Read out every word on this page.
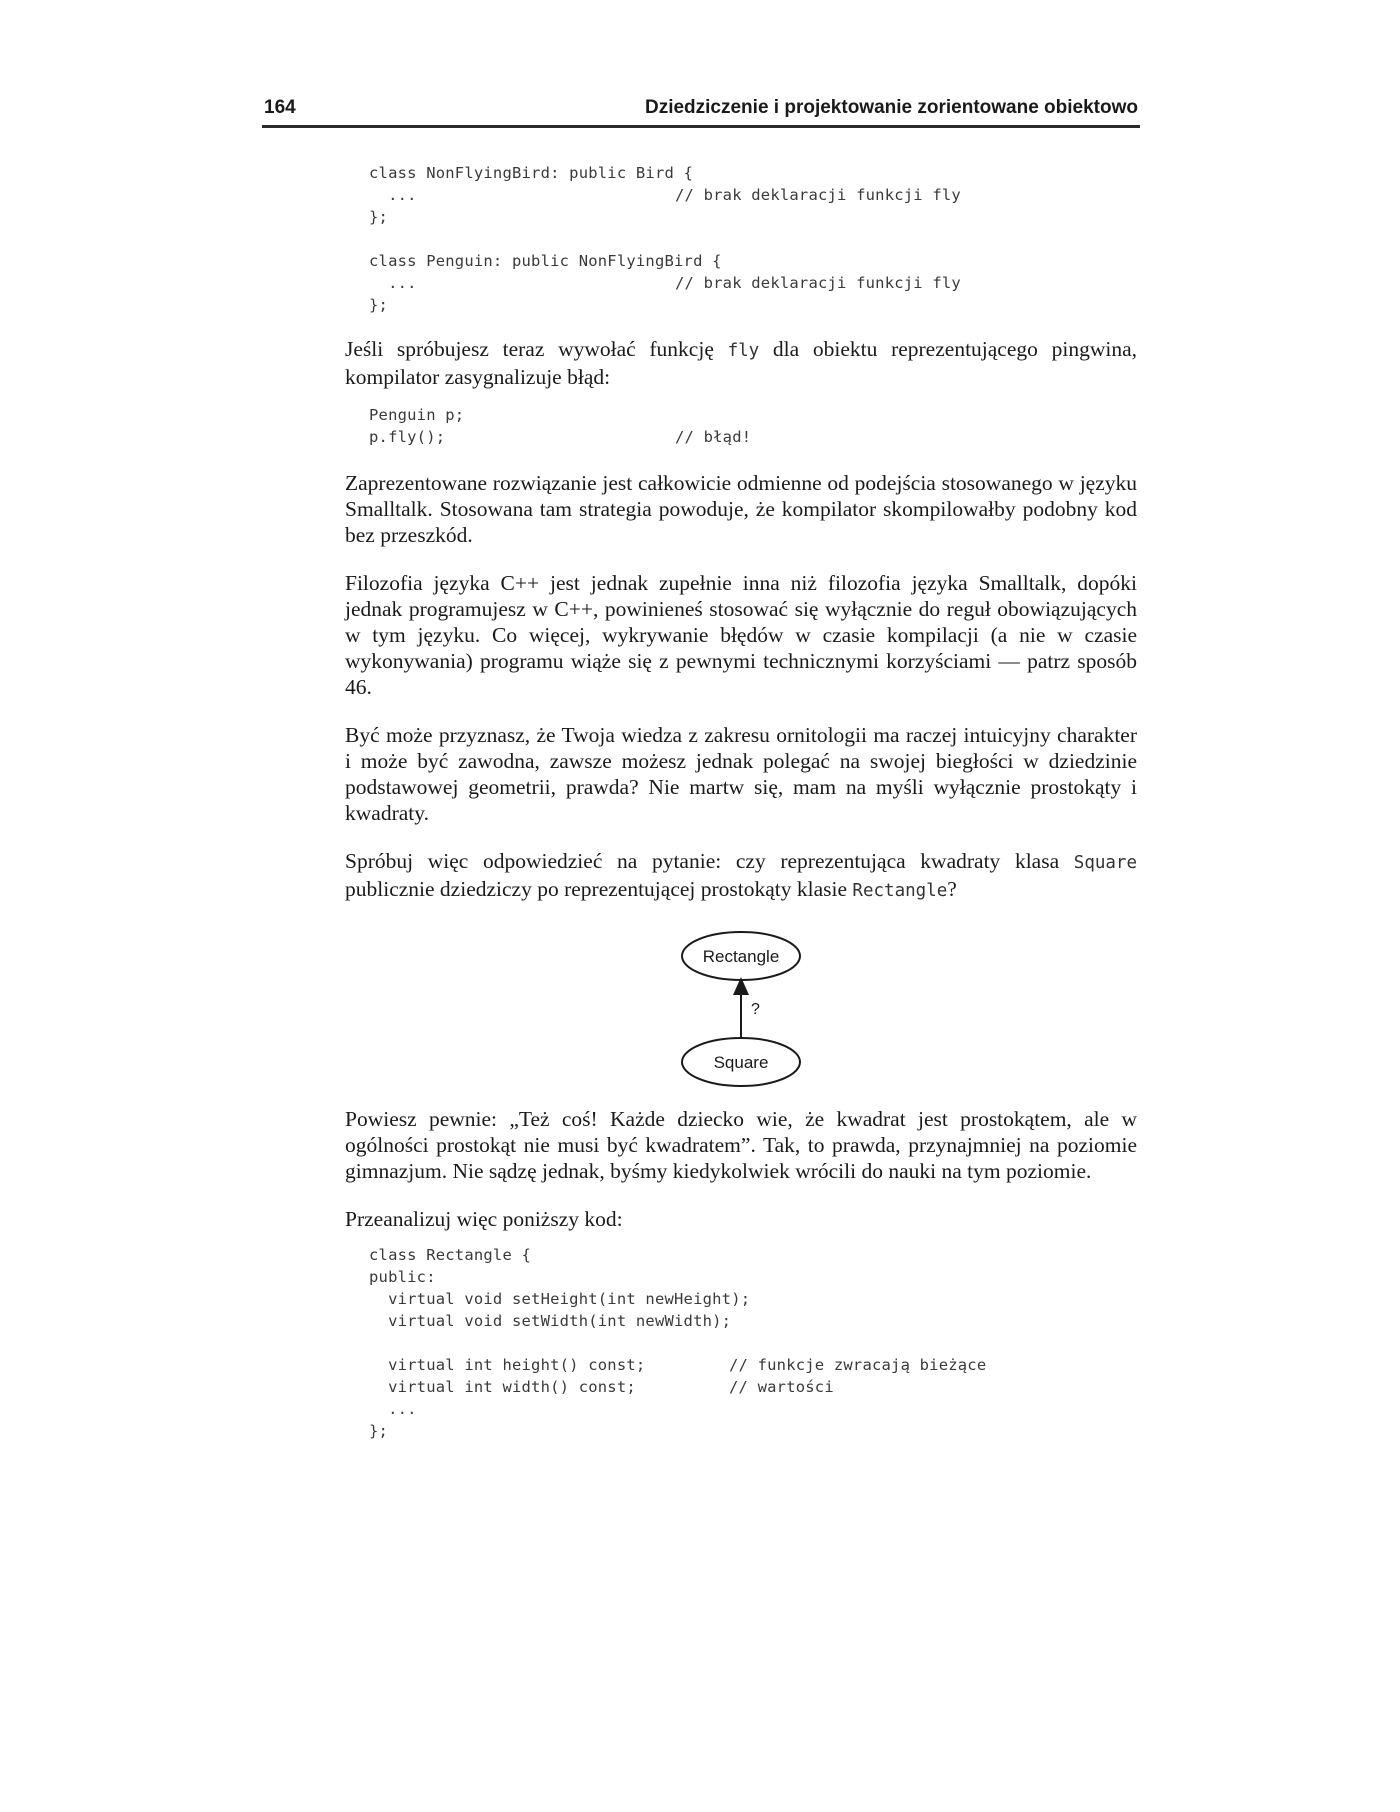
164	Dziedziczenie i projektowanie zorientowane obiektowo
class NonFlyingBird: public Bird {
...	// brak deklaracji funkcji fly
};
class Penguin: public NonFlyingBird {
...	// brak deklaracji funkcji fly
};

Jeśli spróbujesz teraz wywołać funkcję fly dla obiektu reprezentującego pingwina, kompilator zasygnalizuje błąd:

Penguin p;
p.fly();	// błąd!

Zaprezentowane rozwiązanie jest całkowicie odmienne od podejścia stosowanego w języku Smalltalk. Stosowana tam strategia powoduje, że kompilator skompilowałby podobny kod bez przeszkód.

Filozofia języka C++ jest jednak zupełnie inna niż filozofia języka Smalltalk, dopóki jednak programujesz w C++, powinieneś stosować się wyłącznie do reguł obowiązujących w tym języku. Co więcej, wykrywanie błędów w czasie kompilacji (a nie w czasie wykonywania) programu wiąże się z pewnymi technicznymi korzyściami — patrz sposób 46.

Być może przyznasz, że Twoja wiedza z zakresu ornitologii ma raczej intuicyjny charakter i może być zawodna, zawsze możesz jednak polegać na swojej biegłości w dziedzinie podstawowej geometrii, prawda? Nie martw się, mam na myśli wyłącznie prostokąty i kwadraty.

Spróbuj więc odpowiedzieć na pytanie: czy reprezentująca kwadraty klasa Square publicznie dziedziczy po reprezentującej prostokąty klasie Rectangle?

Rectangle
?
Square

Powiesz pewnie: „Też coś! Każde dziecko wie, że kwadrat jest prostokątem, ale w ogólności prostokąt nie musi być kwadratem”. Tak, to prawda, przynajmniej na poziomie gimnazjum. Nie sądzę jednak, byśmy kiedykolwiek wrócili do nauki na tym poziomie.

Przeanalizuj więc poniższy kod:

class Rectangle {
public:
virtual void setHeight(int newHeight);
virtual void setWidth(int newWidth);
virtual int height() const;	// funkcje zwracają bieżące
virtual int width() const;	// wartości
...
};
